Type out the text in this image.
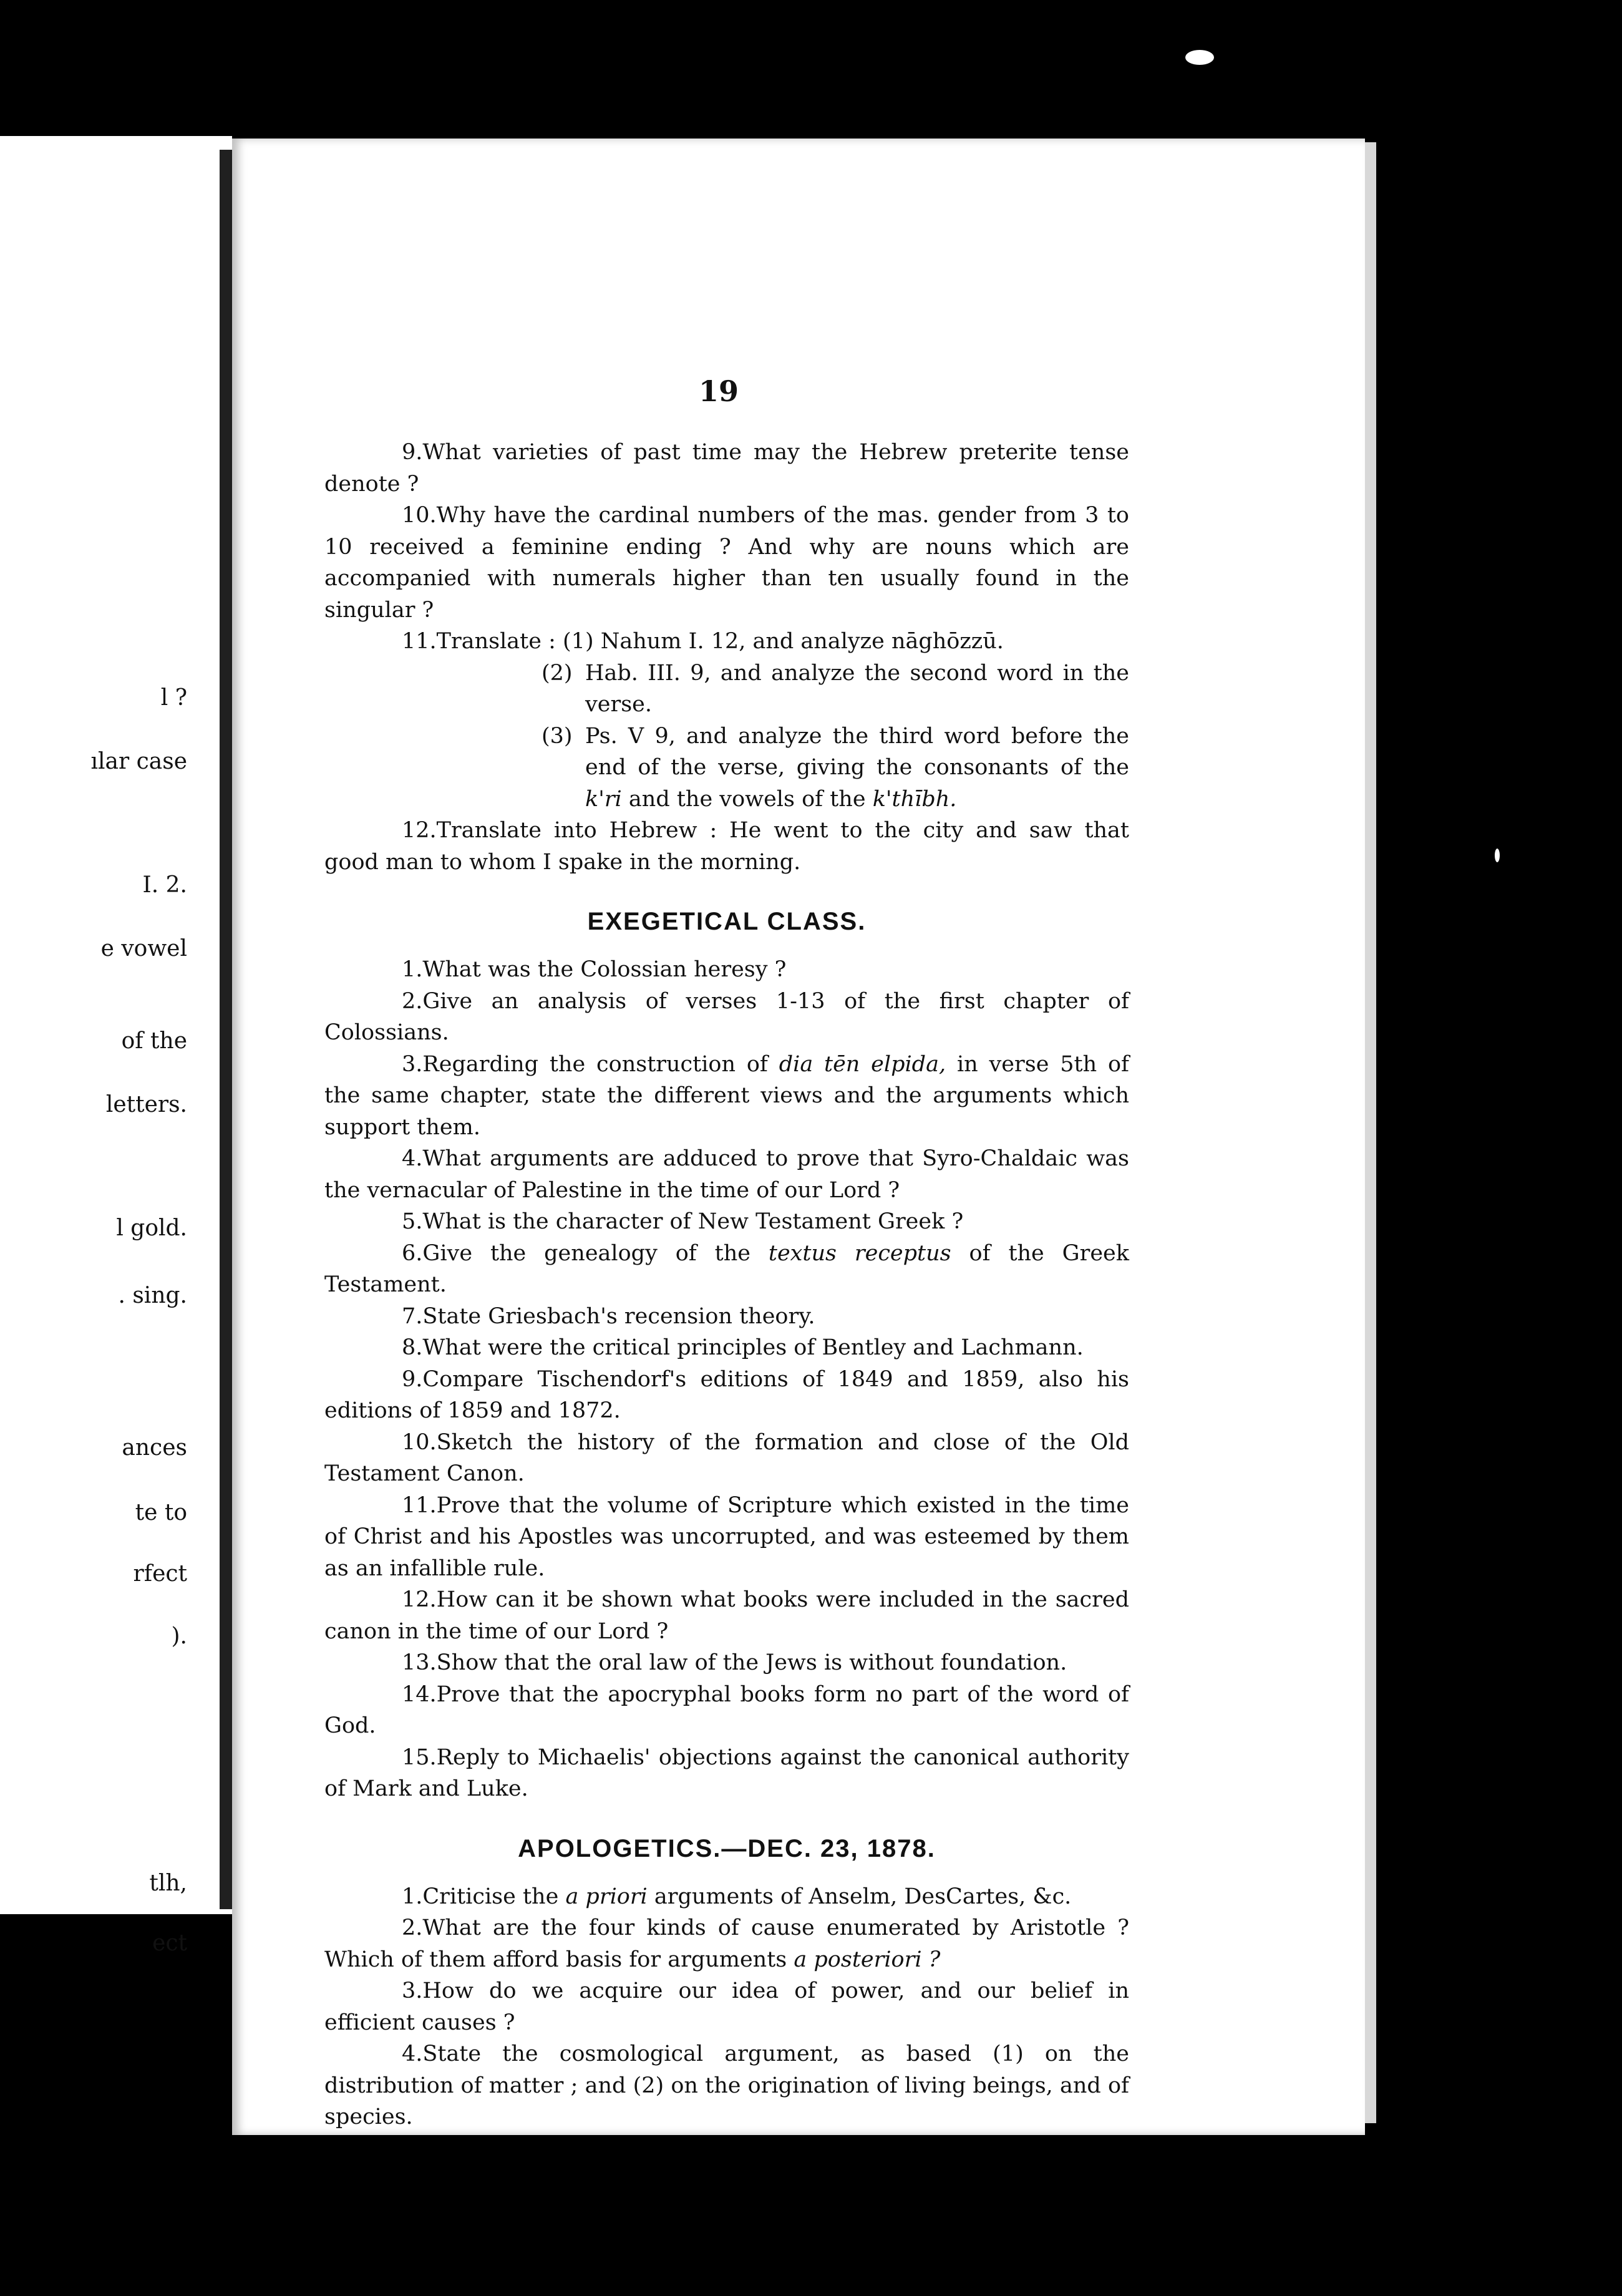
l ?
ılar case
I. 2.
e vowel
of the
letters.
l gold.
. sing.
ances
te to
rfect
).
tlh,
ect
19

9.What varieties of past time may the Hebrew preterite tense denote ?

10.Why have the cardinal numbers of the mas. gender from 3 to 10 received a feminine ending ? And why are nouns which are accompanied with numerals higher than ten usually found in the singular ?

11.Translate : (1) Nahum I. 12, and analyze nāghōzzū.

(2) Hab. III. 9, and analyze the second word in the verse.
(3) Ps. V 9, and analyze the third word before the end of the verse, giving the consonants of the k'ri and the vowels of the k'thībh.

12.Translate into Hebrew : He went to the city and saw that good man to whom I spake in the morning.

EXEGETICAL CLASS.

1.What was the Colossian heresy ?

2.Give an analysis of verses 1-13 of the first chapter of Colossians.

3.Regarding the construction of dia tēn elpida, in verse 5th of the same chapter, state the different views and the arguments which support them.

4.What arguments are adduced to prove that Syro-Chaldaic was the vernacular of Palestine in the time of our Lord ?

5.What is the character of New Testament Greek ?

6.Give the genealogy of the textus receptus of the Greek Testament.

7.State Griesbach's recension theory.

8.What were the critical principles of Bentley and Lachmann.

9.Compare Tischendorf's editions of 1849 and 1859, also his editions of 1859 and 1872.

10.Sketch the history of the formation and close of the Old Testament Canon.

11.Prove that the volume of Scripture which existed in the time of Christ and his Apostles was uncorrupted, and was esteemed by them as an infallible rule.

12.How can it be shown what books were included in the sacred canon in the time of our Lord ?

13.Show that the oral law of the Jews is without foundation.

14.Prove that the apocryphal books form no part of the word of God.

15.Reply to Michaelis' objections against the canonical authority of Mark and Luke.

APOLOGETICS.—DEC. 23, 1878.

1.Criticise the a priori arguments of Anselm, DesCartes, &c.

2.What are the four kinds of cause enumerated by Aristotle ? Which of them afford basis for arguments a posteriori ?

3.How do we acquire our idea of power, and our belief in efficient causes ?

4.State the cosmological argument, as based (1) on the distribution of matter ; and (2) on the origination of living beings, and of species.
